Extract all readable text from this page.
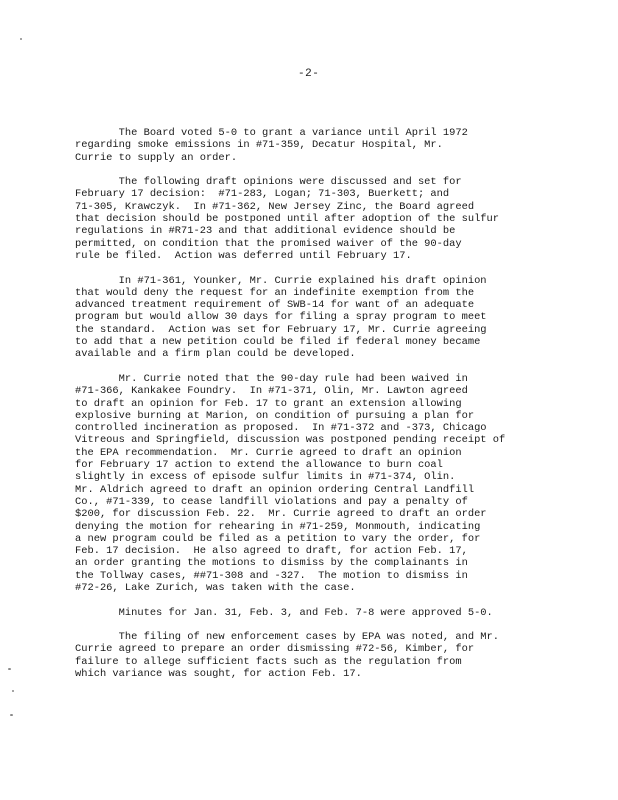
-2-

The Board voted 5-0 to grant a variance until April 1972
regarding smoke emissions in #71-359, Decatur Hospital, Mr.
Currie to supply an order.

The following draft opinions were discussed and set for
February 17 decision:  #71-283, Logan; 71-303, Buerkett; and
71-305, Krawczyk.  In #71-362, New Jersey Zinc, the Board agreed
that decision should be postponed until after adoption of the sulfur
regulations in #R71-23 and that additional evidence should be
permitted, on condition that the promised waiver of the 90-day
rule be filed.  Action was deferred until February 17.

In #71-361, Younker, Mr. Currie explained his draft opinion
that would deny the request for an indefinite exemption from the
advanced treatment requirement of SWB-14 for want of an adequate
program but would allow 30 days for filing a spray program to meet
the standard.  Action was set for February 17, Mr. Currie agreeing
to add that a new petition could be filed if federal money became
available and a firm plan could be developed.

Mr. Currie noted that the 90-day rule had been waived in
#71-366, Kankakee Foundry.  In #71-371, Olin, Mr. Lawton agreed
to draft an opinion for Feb. 17 to grant an extension allowing
explosive burning at Marion, on condition of pursuing a plan for
controlled incineration as proposed.  In #71-372 and -373, Chicago
Vitreous and Springfield, discussion was postponed pending receipt of
the EPA recommendation.  Mr. Currie agreed to draft an opinion
for February 17 action to extend the allowance to burn coal
slightly in excess of episode sulfur limits in #71-374, Olin.
Mr. Aldrich agreed to draft an opinion ordering Central Landfill
Co., #71-339, to cease landfill violations and pay a penalty of
$200, for discussion Feb. 22.  Mr. Currie agreed to draft an order
denying the motion for rehearing in #71-259, Monmouth, indicating
a new program could be filed as a petition to vary the order, for
Feb. 17 decision.  He also agreed to draft, for action Feb. 17,
an order granting the motions to dismiss by the complainants in
the Tollway cases, ##71-308 and -327.  The motion to dismiss in
#72-26, Lake Zurich, was taken with the case.

Minutes for Jan. 31, Feb. 3, and Feb. 7-8 were approved 5-0.

The filing of new enforcement cases by EPA was noted, and Mr.
Currie agreed to prepare an order dismissing #72-56, Kimber, for
failure to allege sufficient facts such as the regulation from
which variance was sought, for action Feb. 17.
